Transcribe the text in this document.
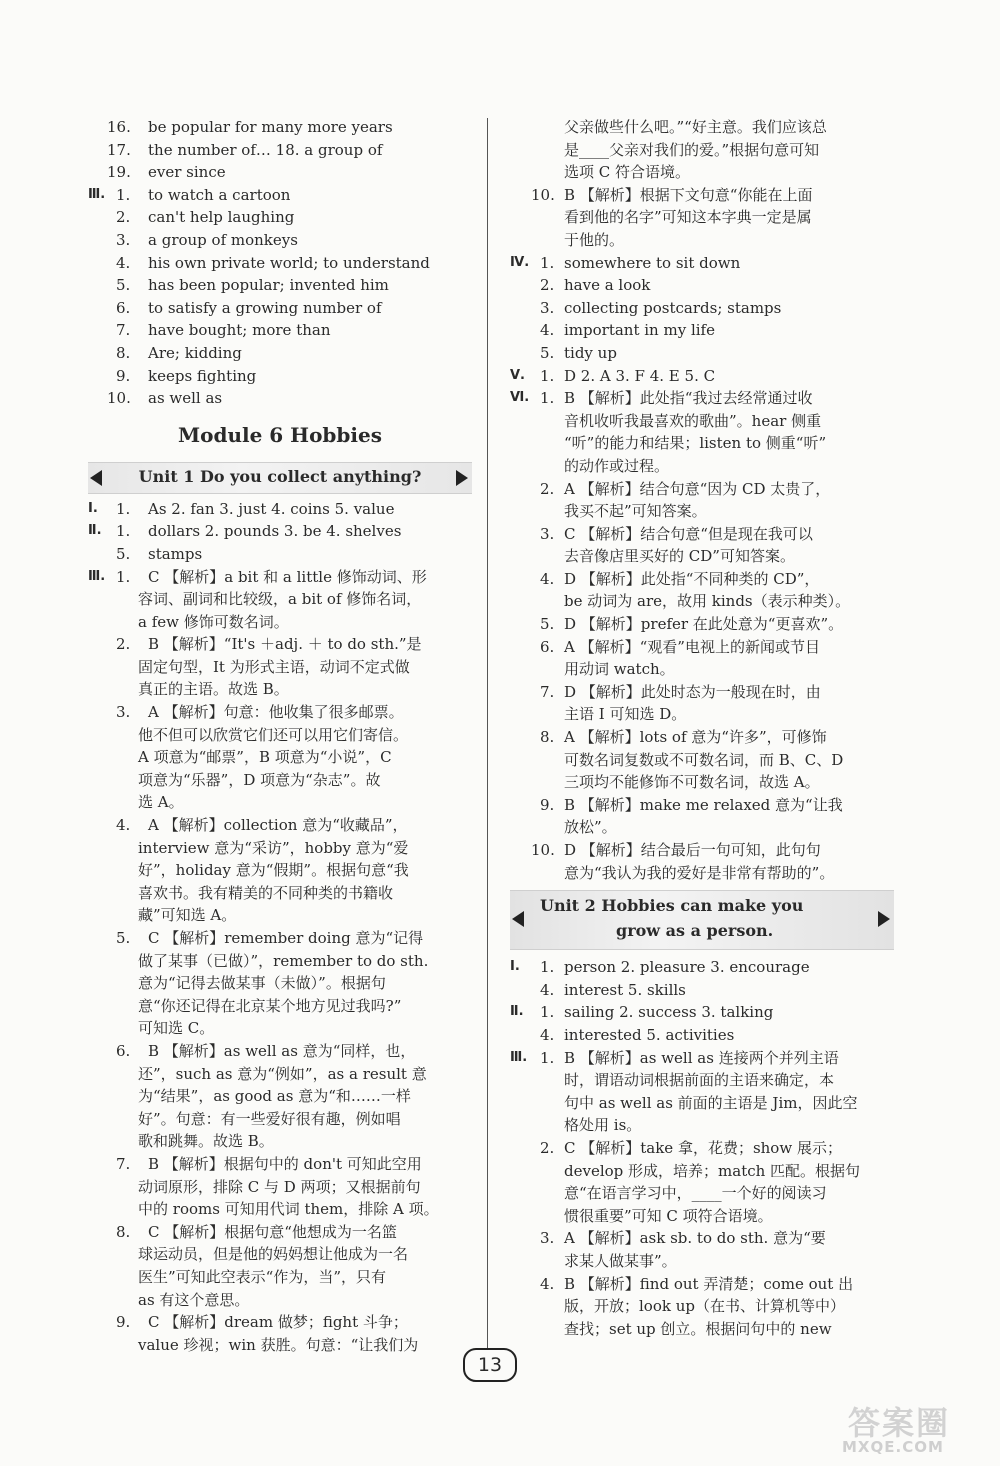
16. be popular for many more years
17. the number of… 18. a group of
19. ever since
Ⅲ. 1. to watch a cartoon
2. can't help laughing
3. a group of monkeys
4. his own private world; to understand
5. has been popular; invented him
6. to satisfy a growing number of
7. have bought; more than
8. Are; kidding
9. keeps fighting
10. as well as
Module 6 Hobbies
Unit 1 Do you collect anything?
Ⅰ. 1. As 2. fan 3. just 4. coins 5. value
Ⅱ. 1. dollars 2. pounds 3. be 4. shelves
5. stamps
Ⅲ. 1. C 【解析】a bit 和 a little 修饰动词、形
容词、副词和比较级，a bit of 修饰名词，
a few 修饰可数名词。
2. B 【解析】“It's ＋adj. ＋ to do sth.”是
固定句型，It 为形式主语，动词不定式做
真正的主语。故选 B。
3. A 【解析】句意：他收集了很多邮票。
他不但可以欣赏它们还可以用它们寄信。
A 项意为“邮票”，B 项意为“小说”，C
项意为“乐器”，D 项意为“杂志”。故
选 A。
4. A 【解析】collection 意为“收藏品”，
interview 意为“采访”，hobby 意为“爱
好”，holiday 意为“假期”。根据句意“我
喜欢书。我有精美的不同种类的书籍收
藏”可知选 A。
5. C 【解析】remember doing 意为“记得
做了某事（已做）”，remember to do sth.
意为“记得去做某事（未做）”。根据句
意“你还记得在北京某个地方见过我吗?”
可知选 C。
6. B 【解析】as well as 意为“同样，也，
还”，such as 意为“例如”，as a result 意
为“结果”，as good as 意为“和……一样
好”。句意：有一些爱好很有趣，例如唱
歌和跳舞。故选 B。
7. B 【解析】根据句中的 don't 可知此空用
动词原形，排除 C 与 D 两项；又根据前句
中的 rooms 可知用代词 them，排除 A 项。
8. C 【解析】根据句意“他想成为一名篮
球运动员，但是他的妈妈想让他成为一名
医生”可知此空表示“作为，当”，只有
as 有这个意思。
9. C 【解析】dream 做梦；fight 斗争；
value 珍视；win 获胜。句意：“让我们为
父亲做些什么吧。”“好主意。我们应该总
是____父亲对我们的爱。”根据句意可知
选项 C 符合语境。
10. B 【解析】根据下文句意“你能在上面
看到他的名字”可知这本字典一定是属
于他的。
Ⅳ. 1. somewhere to sit down
2. have a look
3. collecting postcards; stamps
4. important in my life
5. tidy up
Ⅴ. 1. D 2. A 3. F 4. E 5. C
Ⅵ. 1. B 【解析】此处指“我过去经常通过收
音机收听我最喜欢的歌曲”。hear 侧重
“听”的能力和结果；listen to 侧重“听”
的动作或过程。
2. A 【解析】结合句意“因为 CD 太贵了，
我买不起”可知答案。
3. C 【解析】结合句意“但是现在我可以
去音像店里买好的 CD”可知答案。
4. D 【解析】此处指“不同种类的 CD”，
be 动词为 are，故用 kinds（表示种类）。
5. D 【解析】prefer 在此处意为“更喜欢”。
6. A 【解析】“观看”电视上的新闻或节目
用动词 watch。
7. D 【解析】此处时态为一般现在时，由
主语 I 可知选 D。
8. A 【解析】lots of 意为“许多”，可修饰
可数名词复数或不可数名词，而 B、C、D
三项均不能修饰不可数名词，故选 A。
9. B 【解析】make me relaxed 意为“让我
放松”。
10. D 【解析】结合最后一句可知，此句句
意为“我认为我的爱好是非常有帮助的”。
Unit 2 Hobbies can make you
grow as a person.
Ⅰ. 1. person 2. pleasure 3. encourage
4. interest 5. skills
Ⅱ. 1. sailing 2. success 3. talking
4. interested 5. activities
Ⅲ. 1. B 【解析】as well as 连接两个并列主语
时，谓语动词根据前面的主语来确定，本
句中 as well as 前面的主语是 Jim，因此空
格处用 is。
2. C 【解析】take 拿，花费；show 展示；
develop 形成，培养；match 匹配。根据句
意“在语言学习中，____一个好的阅读习
惯很重要”可知 C 项符合语境。
3. A 【解析】ask sb. to do sth. 意为“要
求某人做某事”。
4. B 【解析】find out 弄清楚；come out 出
版，开放；look up（在书、计算机等中）
查找；set up 创立。根据问句中的 new
13
答案圈
MXQE.COM
